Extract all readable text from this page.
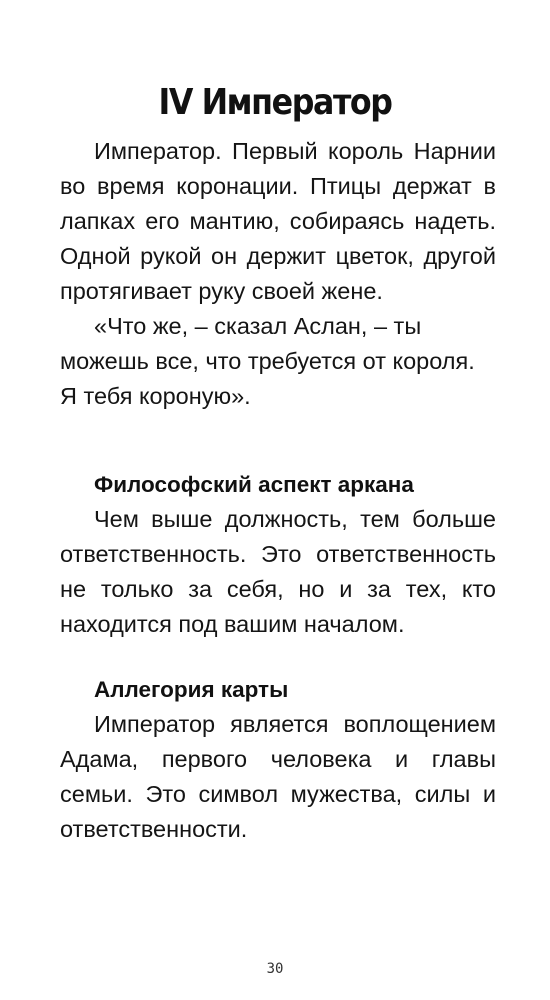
IV Император

Император. Первый король Нарнии во время коронации. Птицы держат в лапках его мантию, собираясь надеть. Одной рукой он держит цветок, другой протягивает руку своей жене.

«Что же, – сказал Аслан, – ты можешь все, что требуется от короля. Я тебя короную».

Философский аспект аркана

Чем выше должность, тем больше ответственность. Это ответственность не только за себя, но и за тех, кто находится под вашим началом.

Аллегория карты

Император является воплощением Адама, первого человека и главы семьи. Это символ мужества, силы и ответственности.

30
